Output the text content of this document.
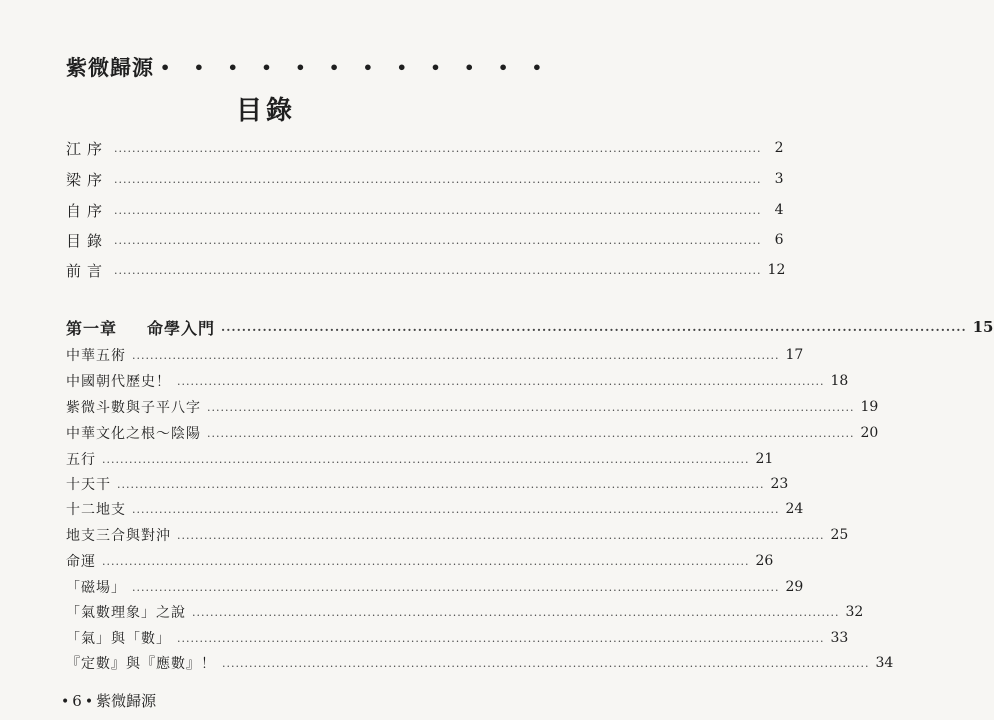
紫微歸源 • • • • • • • • • • • •
目錄
江序 ................................................................................................................................................ 2
梁序 ................................................................................................................................................ 3
自序 ................................................................................................................................................ 4
目錄 ................................................................................................................................................ 6
前言 ................................................................................................................................................ 12
第一章 命學入門 ................................................................................................................................................ 15
中華五術 ................................................................................................................................................ 17
中國朝代歷史！ ................................................................................................................................................ 18
紫微斗數與子平八字 ................................................................................................................................................ 19
中華文化之根～陰陽 ................................................................................................................................................ 20
五行 ................................................................................................................................................ 21
十天干 ................................................................................................................................................ 23
十二地支 ................................................................................................................................................ 24
地支三合與對沖 ................................................................................................................................................ 25
命運 ................................................................................................................................................ 26
「磁場」 ................................................................................................................................................ 29
「氣數理象」之說 ................................................................................................................................................ 32
「氣」與「數」 ................................................................................................................................................ 33
『定數』與『應數』！ ................................................................................................................................................ 34
• 6 • 紫微歸源
